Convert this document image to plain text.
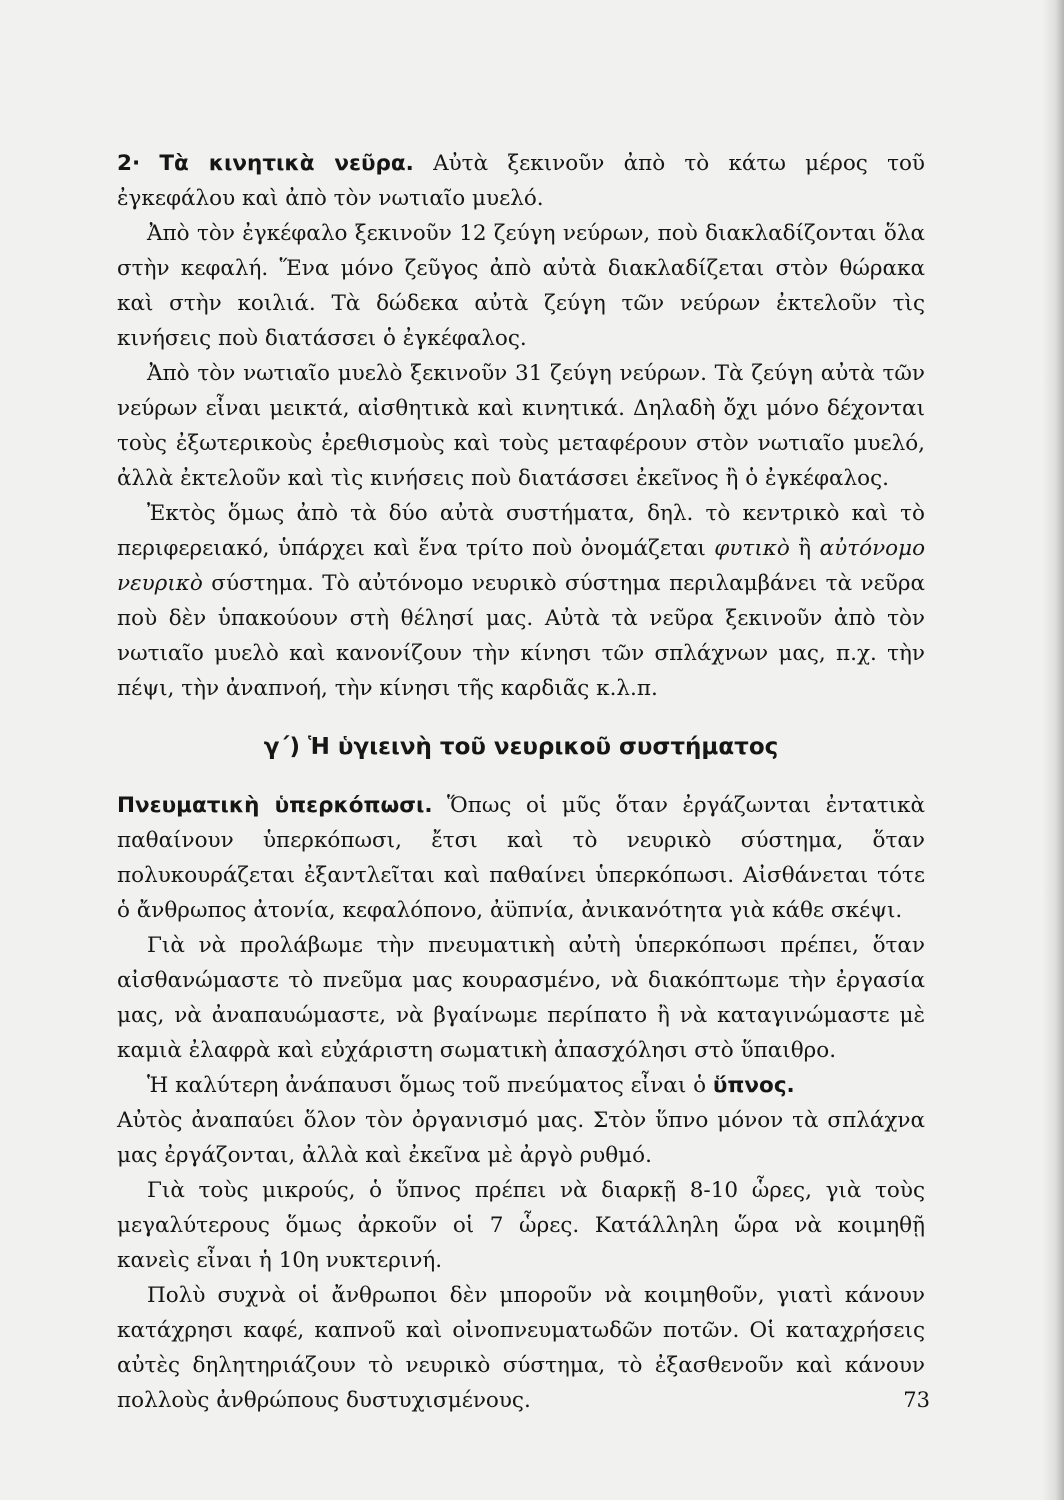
2· Τὰ κινητικὰ νεῦρα. Αὐτὰ ξεκινοῦν ἀπὸ τὸ κάτω μέρος τοῦ ἐγκεφάλου καὶ ἀπὸ τὸν νωτιαῖο μυελό.

Ἀπὸ τὸν ἐγκέφαλο ξεκινοῦν 12 ζεύγη νεύρων, ποὺ διακλαδίζονται ὅλα στὴν κεφαλή. Ἕνα μόνο ζεῦγος ἀπὸ αὐτὰ διακλαδίζεται στὸν θώρακα καὶ στὴν κοιλιά. Τὰ δώδεκα αὐτὰ ζεύγη τῶν νεύρων ἐκτελοῦν τὶς κινήσεις ποὺ διατάσσει ὁ ἐγκέφαλος.

Ἀπὸ τὸν νωτιαῖο μυελὸ ξεκινοῦν 31 ζεύγη νεύρων. Τὰ ζεύγη αὐτὰ τῶν νεύρων εἶναι μεικτά, αἰσθητικὰ καὶ κινητικά. Δηλαδὴ ὄχι μόνο δέχονται τοὺς ἐξωτερικοὺς ἐρεθισμοὺς καὶ τοὺς μεταφέρουν στὸν νωτιαῖο μυελό, ἀλλὰ ἐκτελοῦν καὶ τὶς κινήσεις ποὺ διατάσσει ἐκεῖνος ἢ ὁ ἐγκέφαλος.

Ἐκτὸς ὅμως ἀπὸ τὰ δύο αὐτὰ συστήματα, δηλ. τὸ κεντρικὸ καὶ τὸ περιφερειακό, ὑπάρχει καὶ ἕνα τρίτο ποὺ ὀνομάζεται φυτικὸ ἢ αὐτόνομο νευρικὸ σύστημα. Τὸ αὐτόνομο νευρικὸ σύστημα περιλαμβάνει τὰ νεῦρα ποὺ δὲν ὑπακούουν στὴ θέλησί μας. Αὐτὰ τὰ νεῦρα ξεκινοῦν ἀπὸ τὸν νωτιαῖο μυελὸ καὶ κανονίζουν τὴν κίνησι τῶν σπλάχνων μας, π.χ. τὴν πέψι, τὴν ἀναπνοή, τὴν κίνησι τῆς καρδιᾶς κ.λ.π.

γ΄) Ἡ ὑγιεινὴ τοῦ νευρικοῦ συστήματος

Πνευματικὴ ὑπερκόπωσι. Ὅπως οἱ μῦς ὅταν ἐργάζωνται ἐντατικὰ παθαίνουν ὑπερκόπωσι, ἔτσι καὶ τὸ νευρικὸ σύστημα, ὅταν πολυκουράζεται ἐξαντλεῖται καὶ παθαίνει ὑπερκόπωσι. Αἰσθάνεται τότε ὁ ἄνθρωπος ἀτονία, κεφαλόπονο, ἀϋπνία, ἀνικανότητα γιὰ κάθε σκέψι.

Γιὰ νὰ προλάβωμε τὴν πνευματικὴ αὐτὴ ὑπερκόπωσι πρέπει, ὅταν αἰσθανώμαστε τὸ πνεῦμα μας κουρασμένο, νὰ διακόπτωμε τὴν ἐργασία μας, νὰ ἀναπαυώμαστε, νὰ βγαίνωμε περίπατο ἢ νὰ καταγινώμαστε μὲ καμιὰ ἐλαφρὰ καὶ εὐχάριστη σωματικὴ ἀπασχόλησι στὸ ὕπαιθρο.

Ἡ καλύτερη ἀνάπαυσι ὅμως τοῦ πνεύματος εἶναι ὁ ὕπνος.

Αὐτὸς ἀναπαύει ὅλον τὸν ὀργανισμό μας. Στὸν ὕπνο μόνον τὰ σπλάχνα μας ἐργάζονται, ἀλλὰ καὶ ἐκεῖνα μὲ ἀργὸ ρυθμό.

Γιὰ τοὺς μικρούς, ὁ ὕπνος πρέπει νὰ διαρκῇ 8-10 ὧρες, γιὰ τοὺς μεγαλύτερους ὅμως ἀρκοῦν οἱ 7 ὧρες. Κατάλληλη ὥρα νὰ κοιμηθῇ κανεὶς εἶναι ἡ 10η νυκτερινή.

Πολὺ συχνὰ οἱ ἄνθρωποι δὲν μποροῦν νὰ κοιμηθοῦν, γιατὶ κάνουν κατάχρησι καφέ, καπνοῦ καὶ οἰνοπνευματωδῶν ποτῶν. Οἱ καταχρήσεις αὐτὲς δηλητηριάζουν τὸ νευρικὸ σύστημα, τὸ ἐξασθενοῦν καὶ κάνουν πολλοὺς ἀνθρώπους δυστυχισμένους.	73
